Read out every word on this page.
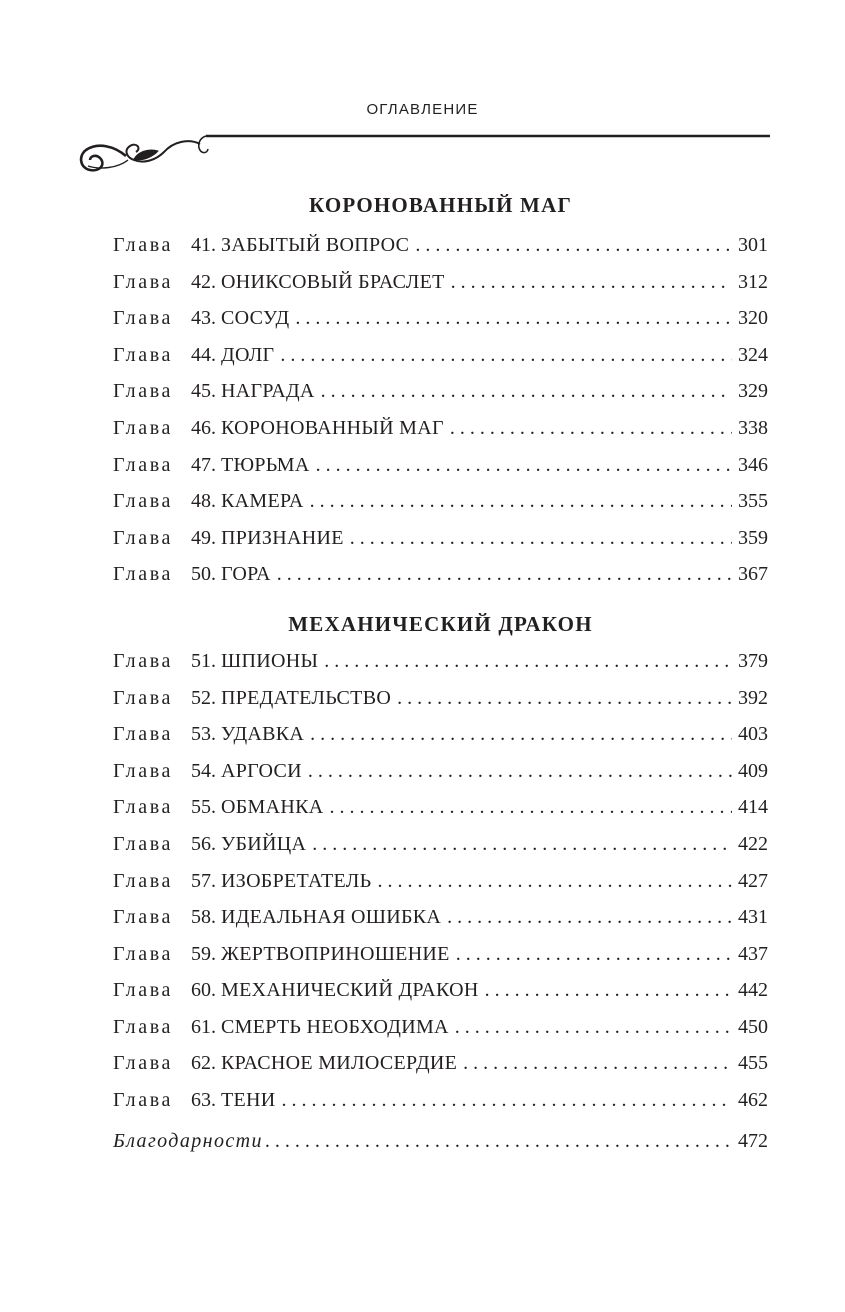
ОГЛАВЛЕНИЕ
КОРОНОВАННЫЙ МАГ
Глава 41. ЗАБЫТЫЙ ВОПРОС . . .	301
Глава 42. ОНИКСОВЫЙ БРАСЛЕТ . . .	312
Глава 43. СОСУД . . .	320
Глава 44. ДОЛГ . . .	324
Глава 45. НАГРАДА . . .	329
Глава 46. КОРОНОВАННЫЙ МАГ . . .	338
Глава 47. ТЮРЬМА . . .	346
Глава 48. КАМЕРА . . .	355
Глава 49. ПРИЗНАНИЕ . . .	359
Глава 50. ГОРА . . .	367
МЕХАНИЧЕСКИЙ ДРАКОН
Глава 51. ШПИОНЫ . . .	379
Глава 52. ПРЕДАТЕЛЬСТВО . . .	392
Глава 53. УДАВКА . . .	403
Глава 54. АРГОСИ . . .	409
Глава 55. ОБМАНКА . . .	414
Глава 56. УБИЙЦА . . .	422
Глава 57. ИЗОБРЕТАТЕЛЬ . . .	427
Глава 58. ИДЕАЛЬНАЯ ОШИБКА . . .	431
Глава 59. ЖЕРТВОПРИНОШЕНИЕ . . .	437
Глава 60. МЕХАНИЧЕСКИЙ ДРАКОН . . .	442
Глава 61. СМЕРТЬ НЕОБХОДИМА . . .	450
Глава 62. КРАСНОЕ МИЛОСЕРДИЕ . . .	455
Глава 63. ТЕНИ . . .	462
Благодарности . . .	472
